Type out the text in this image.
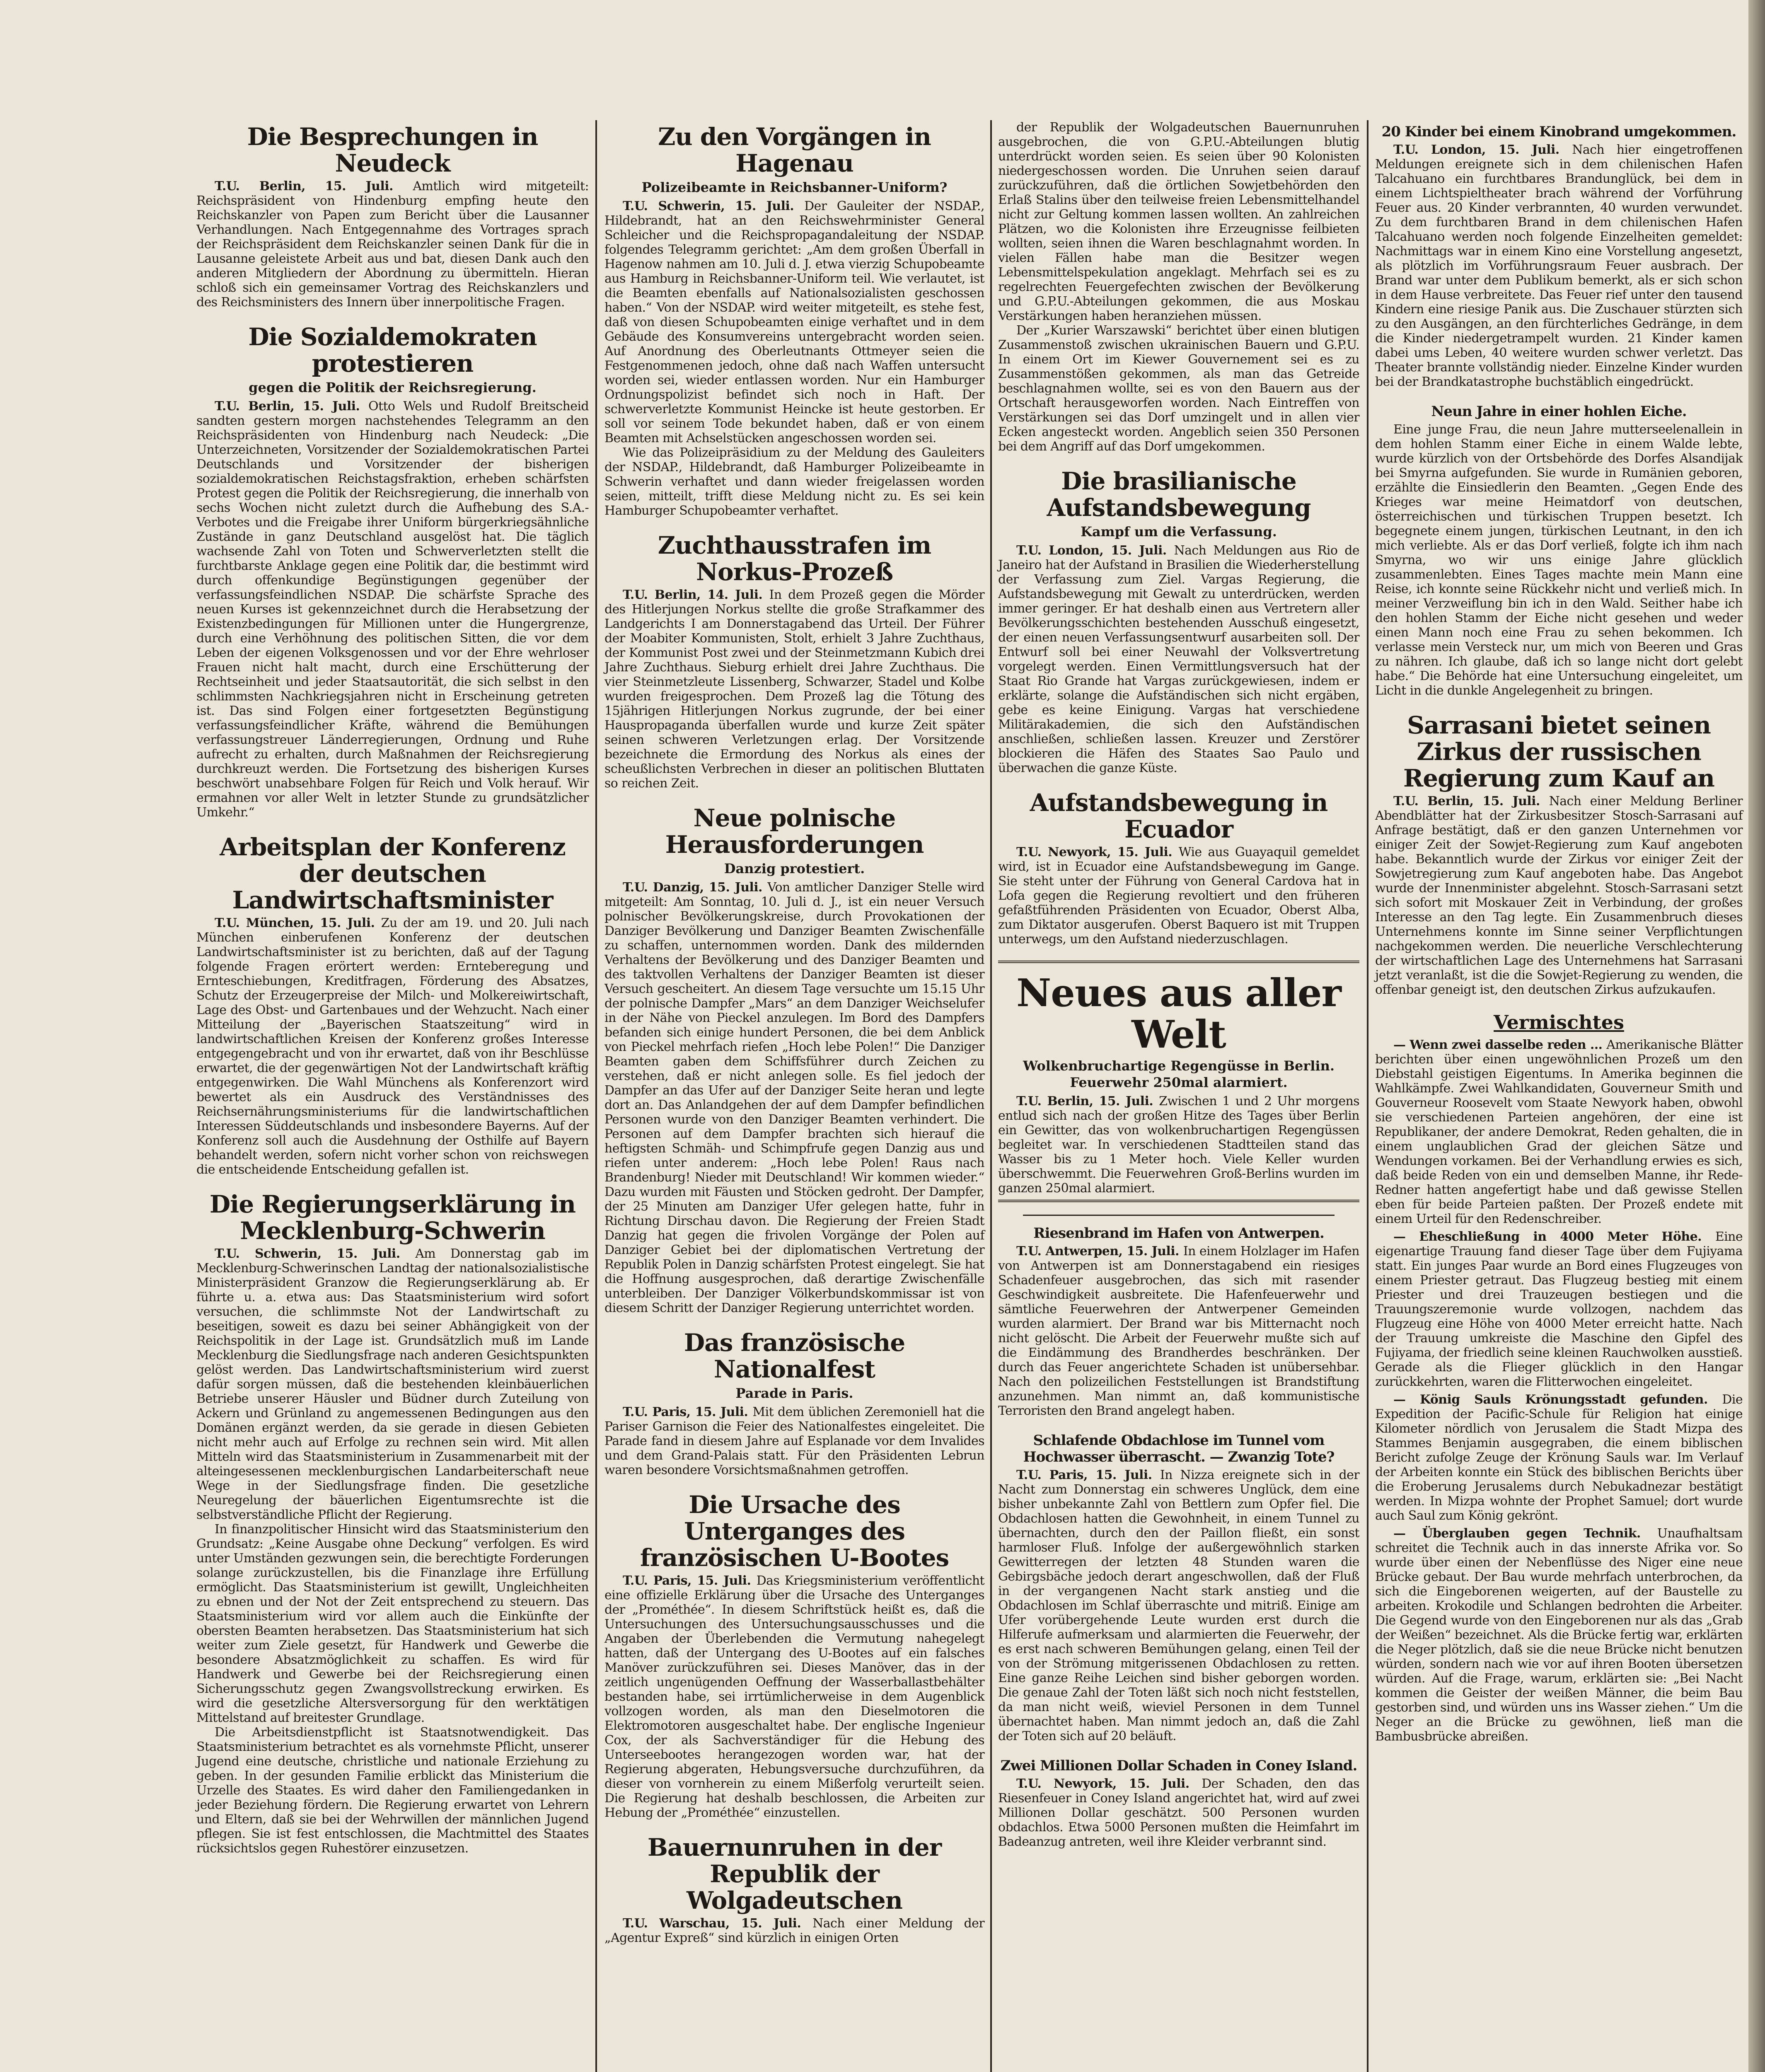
Die Besprechungen in Neudeck

T.U. Berlin, 15. Juli. Amtlich wird mitgeteilt: Reichspräsident von Hindenburg empfing heute den Reichskanzler von Papen zum Bericht über die Lausanner Verhandlungen. Nach Entgegennahme des Vortrages sprach der Reichspräsident dem Reichskanzler seinen Dank für die in Lausanne geleistete Arbeit aus und bat, diesen Dank auch den anderen Mitgliedern der Abordnung zu übermitteln. Hieran schloß sich ein gemeinsamer Vortrag des Reichskanzlers und des Reichsministers des Innern über innerpolitische Fragen.

Die Sozialdemokraten protestieren
gegen die Politik der Reichsregierung.

T.U. Berlin, 15. Juli. Otto Wels und Rudolf Breitscheid sandten gestern morgen nachstehendes Telegramm an den Reichspräsidenten von Hindenburg nach Neudeck: „Die Unterzeichneten, Vorsitzender der Sozialdemokratischen Partei Deutschlands und Vorsitzender der bisherigen sozialdemokratischen Reichstagsfraktion, erheben schärfsten Protest gegen die Politik der Reichsregierung, die innerhalb von sechs Wochen nicht zuletzt durch die Aufhebung des S.A.-Verbotes und die Freigabe ihrer Uniform bürgerkriegsähnliche Zustände in ganz Deutschland ausgelöst hat. Die täglich wachsende Zahl von Toten und Schwerverletzten stellt die furchtbarste Anklage gegen eine Politik dar, die bestimmt wird durch offenkundige Begünstigungen gegenüber der verfassungsfeindlichen NSDAP. Die schärfste Sprache des neuen Kurses ist gekennzeichnet durch die Herabsetzung der Existenzbedingungen für Millionen unter die Hungergrenze, durch eine Verhöhnung des politischen Sitten, die vor dem Leben der eigenen Volksgenossen und vor der Ehre wehrloser Frauen nicht halt macht, durch eine Erschütterung der Rechtseinheit und jeder Staatsautorität, die sich selbst in den schlimmsten Nachkriegsjahren nicht in Erscheinung getreten ist. Das sind Folgen einer fortgesetzten Begünstigung verfassungsfeindlicher Kräfte, während die Bemühungen verfassungstreuer Länderregierungen, Ordnung und Ruhe aufrecht zu erhalten, durch Maßnahmen der Reichsregierung durchkreuzt werden. Die Fortsetzung des bisherigen Kurses beschwört unabsehbare Folgen für Reich und Volk herauf. Wir ermahnen vor aller Welt in letzter Stunde zu grundsätzlicher Umkehr.“

Arbeitsplan der Konferenz der deutschen Landwirtschaftsminister

T.U. München, 15. Juli. Zu der am 19. und 20. Juli nach München einberufenen Konferenz der deutschen Landwirtschaftsminister ist zu berichten, daß auf der Tagung folgende Fragen erörtert werden: Ernteberegung und Ernteschiebungen, Kreditfragen, Förderung des Absatzes, Schutz der Erzeugerpreise der Milch- und Molkereiwirtschaft, Lage des Obst- und Gartenbaues und der Wehzucht. Nach einer Mitteilung der „Bayerischen Staatszeitung“ wird in landwirtschaftlichen Kreisen der Konferenz großes Interesse entgegengebracht und von ihr erwartet, daß von ihr Beschlüsse erwartet, die der gegenwärtigen Not der Landwirtschaft kräftig entgegenwirken. Die Wahl Münchens als Konferenzort wird bewertet als ein Ausdruck des Verständnisses des Reichsernährungsministeriums für die landwirtschaftlichen Interessen Süddeutschlands und insbesondere Bayerns. Auf der Konferenz soll auch die Ausdehnung der Osthilfe auf Bayern behandelt werden, sofern nicht vorher schon von reichswegen die entscheidende Entscheidung gefallen ist.

Die Regierungserklärung in Mecklenburg-Schwerin

T.U. Schwerin, 15. Juli. Am Donnerstag gab im Mecklenburg-Schwerinschen Landtag der nationalsozialistische Ministerpräsident Granzow die Regierungserklärung ab. Er führte u. a. etwa aus: Das Staatsministerium wird sofort versuchen, die schlimmste Not der Landwirtschaft zu beseitigen, soweit es dazu bei seiner Abhängigkeit von der Reichspolitik in der Lage ist. Grundsätzlich muß im Lande Mecklenburg die Siedlungsfrage nach anderen Gesichtspunkten gelöst werden. Das Landwirtschaftsministerium wird zuerst dafür sorgen müssen, daß die bestehenden kleinbäuerlichen Betriebe unserer Häusler und Büdner durch Zuteilung von Ackern und Grünland zu angemessenen Bedingungen aus den Domänen ergänzt werden, da sie gerade in diesen Gebieten nicht mehr auch auf Erfolge zu rechnen sein wird. Mit allen Mitteln wird das Staatsministerium in Zusammenarbeit mit der alteingesessenen mecklenburgischen Landarbeiterschaft neue Wege in der Siedlungsfrage finden. Die gesetzliche Neuregelung der bäuerlichen Eigentumsrechte ist die selbstverständliche Pflicht der Regierung.

In finanzpolitischer Hinsicht wird das Staatsministerium den Grundsatz: „Keine Ausgabe ohne Deckung“ verfolgen. Es wird unter Umständen gezwungen sein, die berechtigte Forderungen solange zurückzustellen, bis die Finanzlage ihre Erfüllung ermöglicht. Das Staatsministerium ist gewillt, Ungleichheiten zu ebnen und der Not der Zeit entsprechend zu steuern. Das Staatsministerium wird vor allem auch die Einkünfte der obersten Beamten herabsetzen. Das Staatsministerium hat sich weiter zum Ziele gesetzt, für Handwerk und Gewerbe die besondere Absatzmöglichkeit zu schaffen. Es wird für Handwerk und Gewerbe bei der Reichsregierung einen Sicherungsschutz gegen Zwangsvollstreckung erwirken. Es wird die gesetzliche Altersversorgung für den werktätigen Mittelstand auf breitester Grundlage.

Die Arbeitsdienstpflicht ist Staatsnotwendigkeit. Das Staatsministerium betrachtet es als vornehmste Pflicht, unserer Jugend eine deutsche, christliche und nationale Erziehung zu geben. In der gesunden Familie erblickt das Ministerium die Urzelle des Staates. Es wird daher den Familiengedanken in jeder Beziehung fördern. Die Regierung erwartet von Lehrern und Eltern, daß sie bei der Wehrwillen der männlichen Jugend pflegen. Sie ist fest entschlossen, die Machtmittel des Staates rücksichtslos gegen Ruhestörer einzusetzen.

Zu den Vorgängen in Hagenau
Polizeibeamte in Reichsbanner-Uniform?

T.U. Schwerin, 15. Juli. Der Gauleiter der NSDAP., Hildebrandt, hat an den Reichswehrminister General Schleicher und die Reichspropagandaleitung der NSDAP. folgendes Telegramm gerichtet: „Am dem großen Überfall in Hagenow nahmen am 10. Juli d. J. etwa vierzig Schupobeamte aus Hamburg in Reichsbanner-Uniform teil. Wie verlautet, ist die Beamten ebenfalls auf Nationalsozialisten geschossen haben.“ Von der NSDAP. wird weiter mitgeteilt, es stehe fest, daß von diesen Schupobeamten einige verhaftet und in dem Gebäude des Konsumvereins untergebracht worden seien. Auf Anordnung des Oberleutnants Ottmeyer seien die Festgenommenen jedoch, ohne daß nach Waffen untersucht worden sei, wieder entlassen worden. Nur ein Hamburger Ordnungspolizist befindet sich noch in Haft. Der schwerverletzte Kommunist Heincke ist heute gestorben. Er soll vor seinem Tode bekundet haben, daß er von einem Beamten mit Achselstücken angeschossen worden sei.

Wie das Polizeipräsidium zu der Meldung des Gauleiters der NSDAP., Hildebrandt, daß Hamburger Polizeibeamte in Schwerin verhaftet und dann wieder freigelassen worden seien, mitteilt, trifft diese Meldung nicht zu. Es sei kein Hamburger Schupobeamter verhaftet.

Zuchthausstrafen im Norkus-Prozeß

T.U. Berlin, 14. Juli. In dem Prozeß gegen die Mörder des Hitlerjungen Norkus stellte die große Strafkammer des Landgerichts I am Donnerstagabend das Urteil. Der Führer der Moabiter Kommunisten, Stolt, erhielt 3 Jahre Zuchthaus, der Kommunist Post zwei und der Steinmetzmann Kubich drei Jahre Zuchthaus. Sieburg erhielt drei Jahre Zuchthaus. Die vier Steinmetzleute Lissenberg, Schwarzer, Stadel und Kolbe wurden freigesprochen. Dem Prozeß lag die Tötung des 15jährigen Hitlerjungen Norkus zugrunde, der bei einer Hauspropaganda überfallen wurde und kurze Zeit später seinen schweren Verletzungen erlag. Der Vorsitzende bezeichnete die Ermordung des Norkus als eines der scheußlichsten Verbrechen in dieser an politischen Bluttaten so reichen Zeit.

Neue polnische Herausforderungen
Danzig protestiert.

T.U. Danzig, 15. Juli. Von amtlicher Danziger Stelle wird mitgeteilt: Am Sonntag, 10. Juli d. J., ist ein neuer Versuch polnischer Bevölkerungskreise, durch Provokationen der Danziger Bevölkerung und Danziger Beamten Zwischenfälle zu schaffen, unternommen worden. Dank des mildernden Verhaltens der Bevölkerung und des Danziger Beamten und des taktvollen Verhaltens der Danziger Beamten ist dieser Versuch gescheitert. An diesem Tage versuchte um 15.15 Uhr der polnische Dampfer „Mars“ an dem Danziger Weichselufer in der Nähe von Pieckel anzulegen. Im Bord des Dampfers befanden sich einige hundert Personen, die bei dem Anblick von Pieckel mehrfach riefen „Hoch lebe Polen!“ Die Danziger Beamten gaben dem Schiffsführer durch Zeichen zu verstehen, daß er nicht anlegen solle. Es fiel jedoch der Dampfer an das Ufer auf der Danziger Seite heran und legte dort an. Das Anlandgehen der auf dem Dampfer befindlichen Personen wurde von den Danziger Beamten verhindert. Die Personen auf dem Dampfer brachten sich hierauf die heftigsten Schmäh- und Schimpfrufe gegen Danzig aus und riefen unter anderem: „Hoch lebe Polen! Raus nach Brandenburg! Nieder mit Deutschland! Wir kommen wieder.“ Dazu wurden mit Fäusten und Stöcken gedroht. Der Dampfer, der 25 Minuten am Danziger Ufer gelegen hatte, fuhr in Richtung Dirschau davon. Die Regierung der Freien Stadt Danzig hat gegen die frivolen Vorgänge der Polen auf Danziger Gebiet bei der diplomatischen Vertretung der Republik Polen in Danzig schärfsten Protest eingelegt. Sie hat die Hoffnung ausgesprochen, daß derartige Zwischenfälle unterbleiben. Der Danziger Völkerbundskommissar ist von diesem Schritt der Danziger Regierung unterrichtet worden.

Das französische Nationalfest
Parade in Paris.

T.U. Paris, 15. Juli. Mit dem üblichen Zeremoniell hat die Pariser Garnison die Feier des Nationalfestes eingeleitet. Die Parade fand in diesem Jahre auf Esplanade vor dem Invalides und dem Grand-Palais statt. Für den Präsidenten Lebrun waren besondere Vorsichtsmaßnahmen getroffen.

Die Ursache des Unterganges des französischen U-Bootes

T.U. Paris, 15. Juli. Das Kriegsministerium veröffentlicht eine offizielle Erklärung über die Ursache des Unterganges der „Prométhée“. In diesem Schriftstück heißt es, daß die Untersuchungen des Untersuchungsausschusses und die Angaben der Überlebenden die Vermutung nahegelegt hatten, daß der Untergang des U-Bootes auf ein falsches Manöver zurückzuführen sei. Dieses Manöver, das in der zeitlich ungenügenden Oeffnung der Wasserballastbehälter bestanden habe, sei irrtümlicherweise in dem Augenblick vollzogen worden, als man den Dieselmotoren die Elektromotoren ausgeschaltet habe. Der englische Ingenieur Cox, der als Sachverständiger für die Hebung des Unterseebootes herangezogen worden war, hat der Regierung abgeraten, Hebungsversuche durchzuführen, da dieser von vornherein zu einem Mißerfolg verurteilt seien. Die Regierung hat deshalb beschlossen, die Arbeiten zur Hebung der „Prométhée“ einzustellen.

Bauernunruhen in der Republik der Wolgadeutschen

T.U. Warschau, 15. Juli. Nach einer Meldung der „Agentur Expreß“ sind kürzlich in einigen Orten

der Republik der Wolgadeutschen Bauernunruhen ausgebrochen, die von G.P.U.-Abteilungen blutig unterdrückt worden seien. Es seien über 90 Kolonisten niedergeschossen worden. Die Unruhen seien darauf zurückzuführen, daß die örtlichen Sowjetbehörden den Erlaß Stalins über den teilweise freien Lebensmittelhandel nicht zur Geltung kommen lassen wollten. An zahlreichen Plätzen, wo die Kolonisten ihre Erzeugnisse feilbieten wollten, seien ihnen die Waren beschlagnahmt worden. In vielen Fällen habe man die Besitzer wegen Lebensmittelspekulation angeklagt. Mehrfach sei es zu regelrechten Feuergefechten zwischen der Bevölkerung und G.P.U.-Abteilungen gekommen, die aus Moskau Verstärkungen haben heranziehen müssen.

Der „Kurier Warszawski“ berichtet über einen blutigen Zusammenstoß zwischen ukrainischen Bauern und G.P.U. In einem Ort im Kiewer Gouvernement sei es zu Zusammenstößen gekommen, als man das Getreide beschlagnahmen wollte, sei es von den Bauern aus der Ortschaft herausgeworfen worden. Nach Eintreffen von Verstärkungen sei das Dorf umzingelt und in allen vier Ecken angesteckt worden. Angeblich seien 350 Personen bei dem Angriff auf das Dorf umgekommen.

Die brasilianische Aufstandsbewegung
Kampf um die Verfassung.

T.U. London, 15. Juli. Nach Meldungen aus Rio de Janeiro hat der Aufstand in Brasilien die Wiederherstellung der Verfassung zum Ziel. Vargas Regierung, die Aufstandsbewegung mit Gewalt zu unterdrücken, werden immer geringer. Er hat deshalb einen aus Vertretern aller Bevölkerungsschichten bestehenden Ausschuß eingesetzt, der einen neuen Verfassungsentwurf ausarbeiten soll. Der Entwurf soll bei einer Neuwahl der Volksvertretung vorgelegt werden. Einen Vermittlungsversuch hat der Staat Rio Grande hat Vargas zurückgewiesen, indem er erklärte, solange die Aufständischen sich nicht ergäben, gebe es keine Einigung. Vargas hat verschiedene Militärakademien, die sich den Aufständischen anschließen, schließen lassen. Kreuzer und Zerstörer blockieren die Häfen des Staates Sao Paulo und überwachen die ganze Küste.

Aufstandsbewegung in Ecuador

T.U. Newyork, 15. Juli. Wie aus Guayaquil gemeldet wird, ist in Ecuador eine Aufstandsbewegung im Gange. Sie steht unter der Führung von General Cardova hat in Lofa gegen die Regierung revoltiert und den früheren gefaßtführenden Präsidenten von Ecuador, Oberst Alba, zum Diktator ausgerufen. Oberst Baquero ist mit Truppen unterwegs, um den Aufstand niederzuschlagen.

Neues aus aller Welt
Wolkenbruchartige Regengüsse in Berlin. Feuerwehr 250mal alarmiert.

T.U. Berlin, 15. Juli. Zwischen 1 und 2 Uhr morgens entlud sich nach der großen Hitze des Tages über Berlin ein Gewitter, das von wolkenbruchartigen Regengüssen begleitet war. In verschiedenen Stadtteilen stand das Wasser bis zu 1 Meter hoch. Viele Keller wurden überschwemmt. Die Feuerwehren Groß-Berlins wurden im ganzen 250mal alarmiert.

Riesenbrand im Hafen von Antwerpen.

T.U. Antwerpen, 15. Juli. In einem Holzlager im Hafen von Antwerpen ist am Donnerstagabend ein riesiges Schadenfeuer ausgebrochen, das sich mit rasender Geschwindigkeit ausbreitete. Die Hafenfeuerwehr und sämtliche Feuerwehren der Antwerpener Gemeinden wurden alarmiert. Der Brand war bis Mitternacht noch nicht gelöscht. Die Arbeit der Feuerwehr mußte sich auf die Eindämmung des Brandherdes beschränken. Der durch das Feuer angerichtete Schaden ist unübersehbar. Nach den polizeilichen Feststellungen ist Brandstiftung anzunehmen. Man nimmt an, daß kommunistische Terroristen den Brand angelegt haben.

Schlafende Obdachlose im Tunnel vom Hochwasser überrascht. — Zwanzig Tote?

T.U. Paris, 15. Juli. In Nizza ereignete sich in der Nacht zum Donnerstag ein schweres Unglück, dem eine bisher unbekannte Zahl von Bettlern zum Opfer fiel. Die Obdachlosen hatten die Gewohnheit, in einem Tunnel zu übernachten, durch den der Paillon fließt, ein sonst harmloser Fluß. Infolge der außergewöhnlich starken Gewitterregen der letzten 48 Stunden waren die Gebirgsbäche jedoch derart angeschwollen, daß der Fluß in der vergangenen Nacht stark anstieg und die Obdachlosen im Schlaf überraschte und mitriß. Einige am Ufer vorübergehende Leute wurden erst durch die Hilferufe aufmerksam und alarmierten die Feuerwehr, der es erst nach schweren Bemühungen gelang, einen Teil der von der Strömung mitgerissenen Obdachlosen zu retten. Eine ganze Reihe Leichen sind bisher geborgen worden. Die genaue Zahl der Toten läßt sich noch nicht feststellen, da man nicht weiß, wieviel Personen in dem Tunnel übernachtet haben. Man nimmt jedoch an, daß die Zahl der Toten sich auf 20 beläuft.

Zwei Millionen Dollar Schaden in Coney Island.

T.U. Newyork, 15. Juli. Der Schaden, den das Riesenfeuer in Coney Island angerichtet hat, wird auf zwei Millionen Dollar geschätzt. 500 Personen wurden obdachlos. Etwa 5000 Personen mußten die Heimfahrt im Badeanzug antreten, weil ihre Kleider verbrannt sind.

20 Kinder bei einem Kinobrand umgekommen.

T.U. London, 15. Juli. Nach hier eingetroffenen Meldungen ereignete sich in dem chilenischen Hafen Talcahuano ein furchtbares Brandunglück, bei dem in einem Lichtspieltheater brach während der Vorführung Feuer aus. 20 Kinder verbrannten, 40 wurden verwundet. Zu dem furchtbaren Brand in dem chilenischen Hafen Talcahuano werden noch folgende Einzelheiten gemeldet: Nachmittags war in einem Kino eine Vorstellung angesetzt, als plötzlich im Vorführungsraum Feuer ausbrach. Der Brand war unter dem Publikum bemerkt, als er sich schon in dem Hause verbreitete. Das Feuer rief unter den tausend Kindern eine riesige Panik aus. Die Zuschauer stürzten sich zu den Ausgängen, an den fürchterliches Gedränge, in dem die Kinder niedergetrampelt wurden. 21 Kinder kamen dabei ums Leben, 40 weitere wurden schwer verletzt. Das Theater brannte vollständig nieder. Einzelne Kinder wurden bei der Brandkatastrophe buchstäblich eingedrückt.

Neun Jahre in einer hohlen Eiche.

Eine junge Frau, die neun Jahre mutterseelenallein in dem hohlen Stamm einer Eiche in einem Walde lebte, wurde kürzlich von der Ortsbehörde des Dorfes Alsandijak bei Smyrna aufgefunden. Sie wurde in Rumänien geboren, erzählte die Einsiedlerin den Beamten. „Gegen Ende des Krieges war meine Heimatdorf von deutschen, österreichischen und türkischen Truppen besetzt. Ich begegnete einem jungen, türkischen Leutnant, in den ich mich verliebte. Als er das Dorf verließ, folgte ich ihm nach Smyrna, wo wir uns einige Jahre glücklich zusammenlebten. Eines Tages machte mein Mann eine Reise, ich konnte seine Rückkehr nicht und verließ mich. In meiner Verzweiflung bin ich in den Wald. Seither habe ich den hohlen Stamm der Eiche nicht gesehen und weder einen Mann noch eine Frau zu sehen bekommen. Ich verlasse mein Versteck nur, um mich von Beeren und Gras zu nähren. Ich glaube, daß ich so lange nicht dort gelebt habe.“ Die Behörde hat eine Untersuchung eingeleitet, um Licht in die dunkle Angelegenheit zu bringen.

Sarrasani bietet seinen Zirkus der russischen Regierung zum Kauf an

T.U. Berlin, 15. Juli. Nach einer Meldung Berliner Abendblätter hat der Zirkusbesitzer Stosch-Sarrasani auf Anfrage bestätigt, daß er den ganzen Unternehmen vor einiger Zeit der Sowjet-Regierung zum Kauf angeboten habe. Bekanntlich wurde der Zirkus vor einiger Zeit der Sowjetregierung zum Kauf angeboten habe. Das Angebot wurde der Innenminister abgelehnt. Stosch-Sarrasani setzt sich sofort mit Moskauer Zeit in Verbindung, der großes Interesse an den Tag legte. Ein Zusammenbruch dieses Unternehmens konnte im Sinne seiner Verpflichtungen nachgekommen werden. Die neuerliche Verschlechterung der wirtschaftlichen Lage des Unternehmens hat Sarrasani jetzt veranlaßt, ist die die Sowjet-Regierung zu wenden, die offenbar geneigt ist, den deutschen Zirkus aufzukaufen.

Vermischtes

— Wenn zwei dasselbe reden ... Amerikanische Blätter berichten über einen ungewöhnlichen Prozeß um den Diebstahl geistigen Eigentums. In Amerika beginnen die Wahlkämpfe. Zwei Wahlkandidaten, Gouverneur Smith und Gouverneur Roosevelt vom Staate Newyork haben, obwohl sie verschiedenen Parteien angehören, der eine ist Republikaner, der andere Demokrat, Reden gehalten, die in einem unglaublichen Grad der gleichen Sätze und Wendungen vorkamen. Bei der Verhandlung erwies es sich, daß beide Reden von ein und demselben Manne, ihr Rede-Redner hatten angefertigt habe und daß gewisse Stellen eben für beide Parteien paßten. Der Prozeß endete mit einem Urteil für den Redenschreiber.

— Eheschließung in 4000 Meter Höhe. Eine eigenartige Trauung fand dieser Tage über dem Fujiyama statt. Ein junges Paar wurde an Bord eines Flugzeuges von einem Priester getraut. Das Flugzeug bestieg mit einem Priester und drei Trauzeugen bestiegen und die Trauungszeremonie wurde vollzogen, nachdem das Flugzeug eine Höhe von 4000 Meter erreicht hatte. Nach der Trauung umkreiste die Maschine den Gipfel des Fujiyama, der friedlich seine kleinen Rauchwolken ausstieß. Gerade als die Flieger glücklich in den Hangar zurückkehrten, waren die Flitterwochen eingeleitet.

— König Sauls Krönungsstadt gefunden. Die Expedition der Pacific-Schule für Religion hat einige Kilometer nördlich von Jerusalem die Stadt Mizpa des Stammes Benjamin ausgegraben, die einem biblischen Bericht zufolge Zeuge der Krönung Sauls war. Im Verlauf der Arbeiten konnte ein Stück des biblischen Berichts über die Eroberung Jerusalems durch Nebukadnezar bestätigt werden. In Mizpa wohnte der Prophet Samuel; dort wurde auch Saul zum König gekrönt.

— Überglauben gegen Technik. Unaufhaltsam schreitet die Technik auch in das innerste Afrika vor. So wurde über einen der Nebenflüsse des Niger eine neue Brücke gebaut. Der Bau wurde mehrfach unterbrochen, da sich die Eingeborenen weigerten, auf der Baustelle zu arbeiten. Krokodile und Schlangen bedrohten die Arbeiter. Die Gegend wurde von den Eingeborenen nur als das „Grab der Weißen“ bezeichnet. Als die Brücke fertig war, erklärten die Neger plötzlich, daß sie die neue Brücke nicht benutzen würden, sondern nach wie vor auf ihren Booten übersetzen würden. Auf die Frage, warum, erklärten sie: „Bei Nacht kommen die Geister der weißen Männer, die beim Bau gestorben sind, und würden uns ins Wasser ziehen.“ Um die Neger an die Brücke zu gewöhnen, ließ man die Bambusbrücke abreißen.
